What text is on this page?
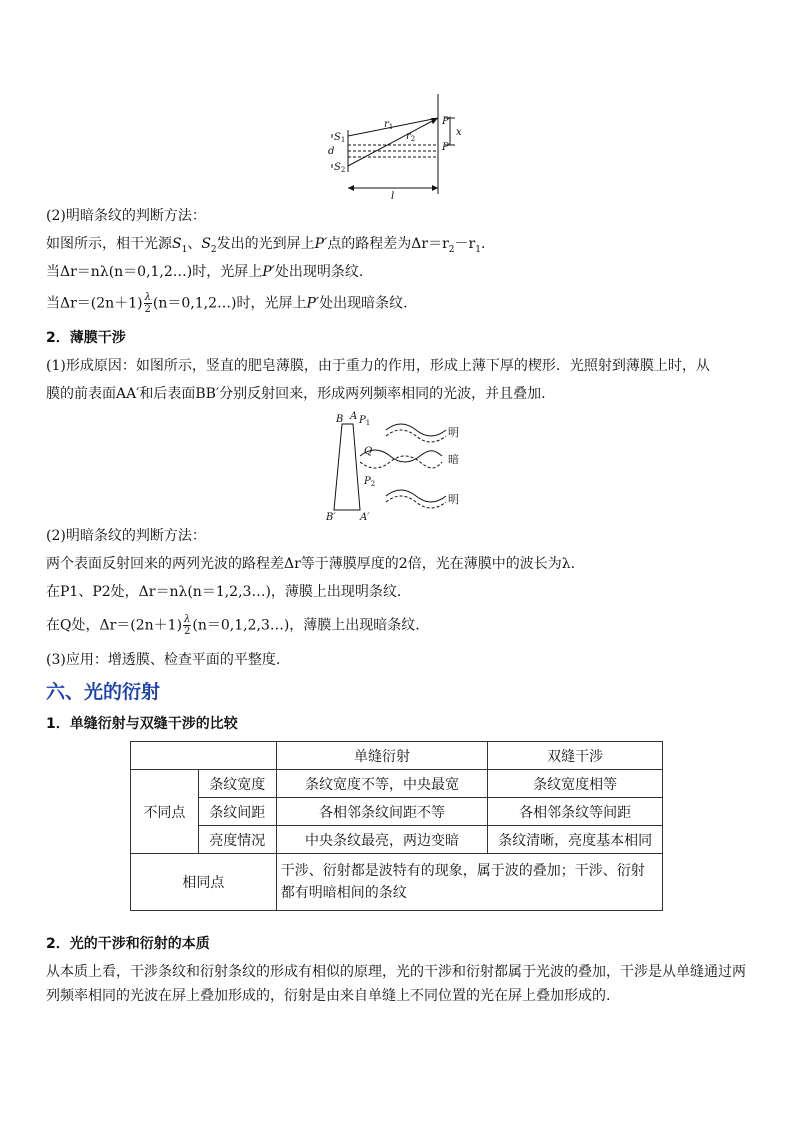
$S_1$
d
$S_2$
$r_1$
$r_2$
P′
x
P
l
(2)明暗条纹的判断方法：
如图所示，相干光源$S_1$、$S_2$发出的光到屏上P′点的路程差为$\Delta r=r_2-r_1$.
当Δr＝nλ(n＝0,1,2…)时，光屏上P′处出现明条纹.
当$\Delta r=(2n+1) \frac{\lambda}{2}$ (n＝0,1,2…)时，光屏上P′处出现暗条纹.
2．薄膜干涉
(1)形成原因：如图所示，竖直的肥皂薄膜，由于重力的作用，形成上薄下厚的楔形．光照射到薄膜上时，从
膜的前表面AA′和后表面BB′分别反射回来，形成两列频率相同的光波，并且叠加.
B A $P_1$
Q
$P_2$
B′ A′
明
暗
明
(2)明暗条纹的判断方法：
两个表面反射回来的两列光波的路程差Δr等于薄膜厚度的2倍，光在薄膜中的波长为λ.
在P1、P2处，Δr＝nλ(n＝1,2,3…)，薄膜上出现明条纹.
在Q处，$\Delta r=(2n+1) \frac{\lambda}{2}$ (n＝0,1,2,3…)，薄膜上出现暗条纹.
(3)应用：增透膜、检查平面的平整度.
六、光的衍射
1．单缝衍射与双缝干涉的比较
		单缝衍射	双缝干涉
不同点	条纹宽度	条纹宽度不等，中央最宽	条纹宽度相等
	条纹间距	各相邻条纹间距不等	各相邻条纹等间距
	亮度情况	中央条纹最亮，两边变暗	条纹清晰，亮度基本相同
相同点		干涉、衍射都是波特有的现象，属于波的叠加；干涉、衍射都有明暗相间的条纹	
2．光的干涉和衍射的本质
从本质上看，干涉条纹和衍射条纹的形成有相似的原理，光的干涉和衍射都属于光波的叠加，干涉是从单缝通过两列频率相同的光波在屏上叠加形成的，衍射是由来自单缝上不同位置的光在屏上叠加形成的.
